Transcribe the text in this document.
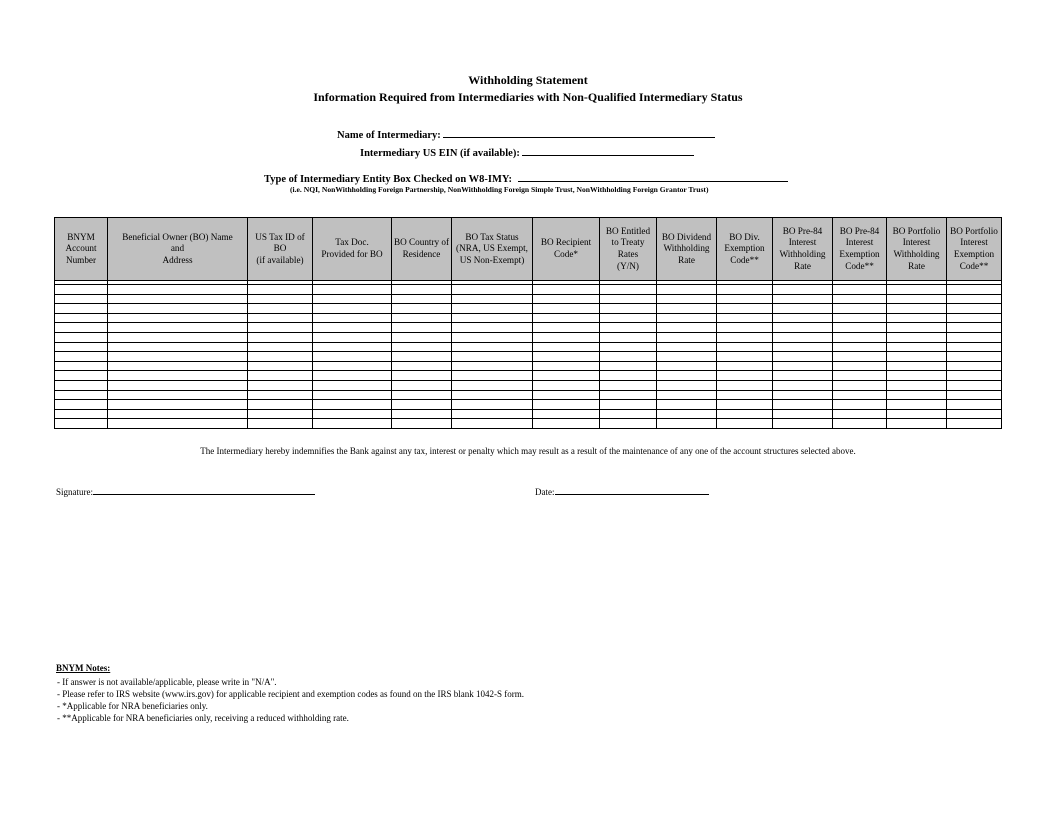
Withholding Statement
Information Required from Intermediaries with Non-Qualified Intermediary Status
Name of Intermediary:
Intermediary US EIN (if available):
Type of Intermediary Entity Box Checked on W8-IMY:
(i.e. NQI, NonWithholding Foreign Partnership, NonWithholding Foreign Simple Trust, NonWithholding Foreign Grantor Trust)
BNYM
Account
Number	Beneficial Owner (BO) Name
and
Address	US Tax ID of
BO
(if available)	Tax Doc.
Provided for BO	BO Country of
Residence	BO Tax Status
(NRA, US Exempt,
US Non-Exempt)	BO Recipient
Code*	BO Entitled
to Treaty
Rates
(Y/N)	BO Dividend
Withholding
Rate	BO Div.
Exemption
Code**	BO Pre-84
Interest
Withholding
Rate	BO Pre-84
Interest
Exemption
Code**	BO Portfolio
Interest
Withholding
Rate	BO Portfolio
Interest
Exemption
Code**

The Intermediary hereby indemnifies the Bank against any tax, interest or penalty which may result as a result of the maintenance of any one of the account structures selected above.
Signature:	Date:
BNYM Notes:
- If answer is not available/applicable, please write in "N/A".
- Please refer to IRS website (www.irs.gov) for applicable recipient and exemption codes as found on the IRS blank 1042-S form.
- *Applicable for NRA beneficiaries only.
- **Applicable for NRA beneficiaries only, receiving a reduced withholding rate.
